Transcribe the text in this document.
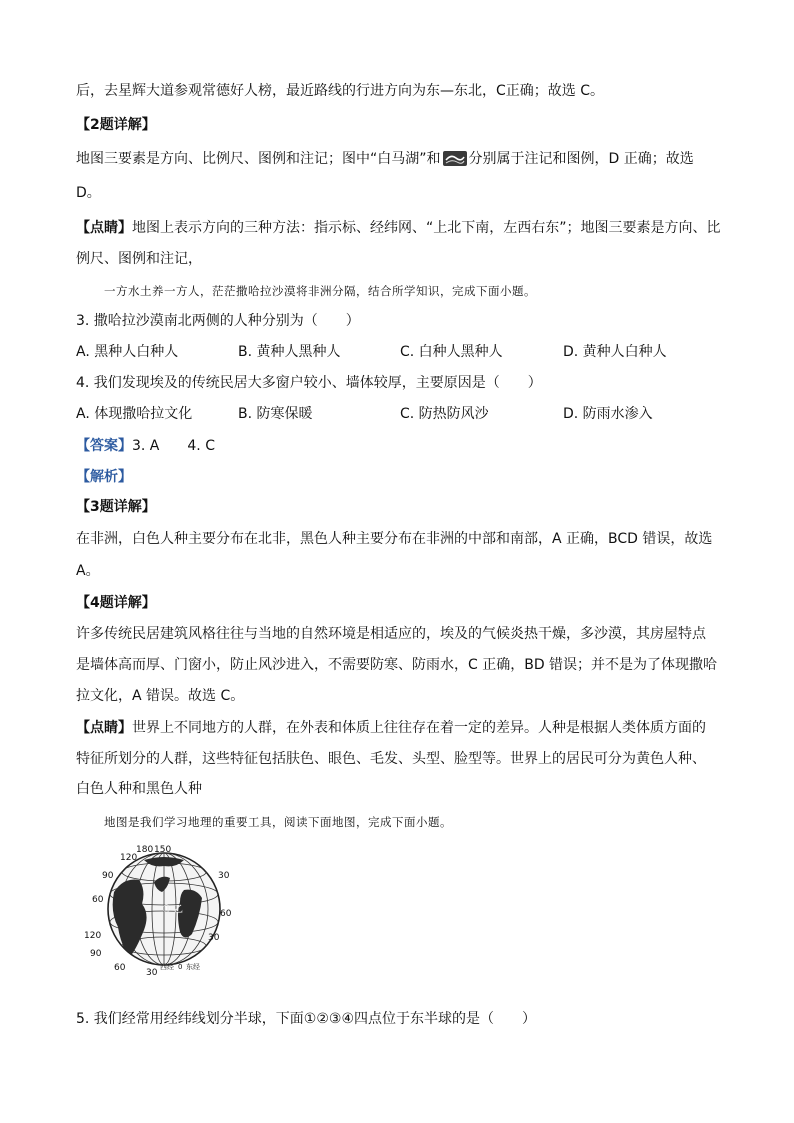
后，去星辉大道参观常德好人榜，最近路线的行进方向为东—东北，C正确；故选 C。
【2题详解】
地图三要素是方向、比例尺、图例和注记；图中“白马湖”和 分别属于注记和图例，D 正确；故选
D。
【点睛】地图上表示方向的三种方法：指示标、经纬网、“上北下南，左西右东”；地图三要素是方向、比
例尺、图例和注记，
一方水土养一方人，茫茫撒哈拉沙漠将非洲分隔，结合所学知识，完成下面小题。
3. 撒哈拉沙漠南北两侧的人种分别为（　　）
A. 黑种人白种人	B. 黄种人黑种人	C. 白种人黑种人	D. 黄种人白种人
4. 我们发现埃及的传统民居大多窗户较小、墙体较厚，主要原因是（　　）
A. 体现撒哈拉文化	B. 防寒保暖	C. 防热防风沙	D. 防雨水渗入
【答案】3. A　　4. C
【解析】
【3题详解】
在非洲，白色人种主要分布在北非，黑色人种主要分布在非洲的中部和南部，A 正确，BCD 错误，故选
A。
【4题详解】
许多传统民居建筑风格往往与当地的自然环境是相适应的，埃及的气候炎热干燥，多沙漠，其房屋特点
是墙体高而厚、门窗小，防止风沙进入，不需要防寒、防雨水，C 正确，BD 错误；并不是为了体现撒哈
拉文化，A 错误。故选 C。
【点睛】世界上不同地方的人群，在外表和体质上往往存在着一定的差异。人种是根据人类体质方面的
特征所划分的人群，这些特征包括肤色、眼色、毛发、头型、脸型等。世界上的居民可分为黄色人种、
白色人种和黑色人种
地图是我们学习地理的重要工具，阅读下面地图，完成下面小题。
① 乙
180 150
120
90
60
30
60
30
120
90
60 30
西经 0 东经
5. 我们经常用经纬线划分半球，下面①②③④四点位于东半球的是（　　）
